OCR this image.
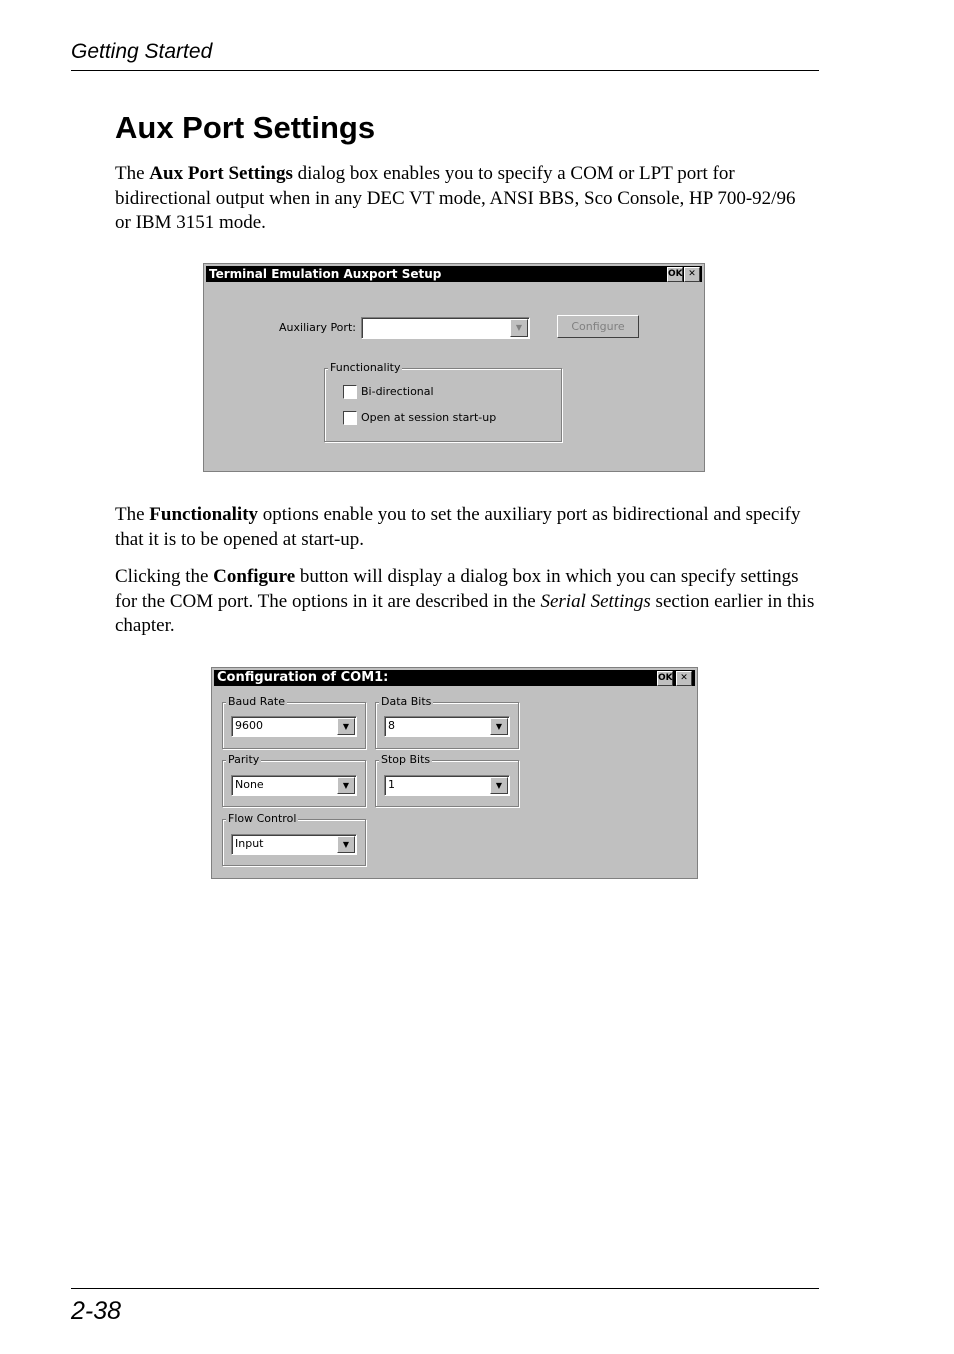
Getting Started
Aux Port Settings

The Aux Port Settings dialog box enables you to specify a COM or LPT port for bidirectional output when in any DEC VT mode, ANSI BBS, Sco Console, HP 700-92/96 or IBM 3151 mode.

Terminal Emulation Auxport Setup	OK ✕
Auxiliary Port:	▼	Configure
Functionality
Bi-directional
Open at session start-up

The Functionality options enable you to set the auxiliary port as bidirectional and specify that it is to be opened at start-up.

Clicking the Configure button will display a dialog box in which you can specify settings for the COM port. The options in it are described in the Serial Settings section earlier in this chapter.

Configuration of COM1:	OK ✕
Baud Rate
9600	▼
Data Bits
8	▼
Parity
None	▼
Stop Bits
1	▼
Flow Control
Input	▼
2-38
